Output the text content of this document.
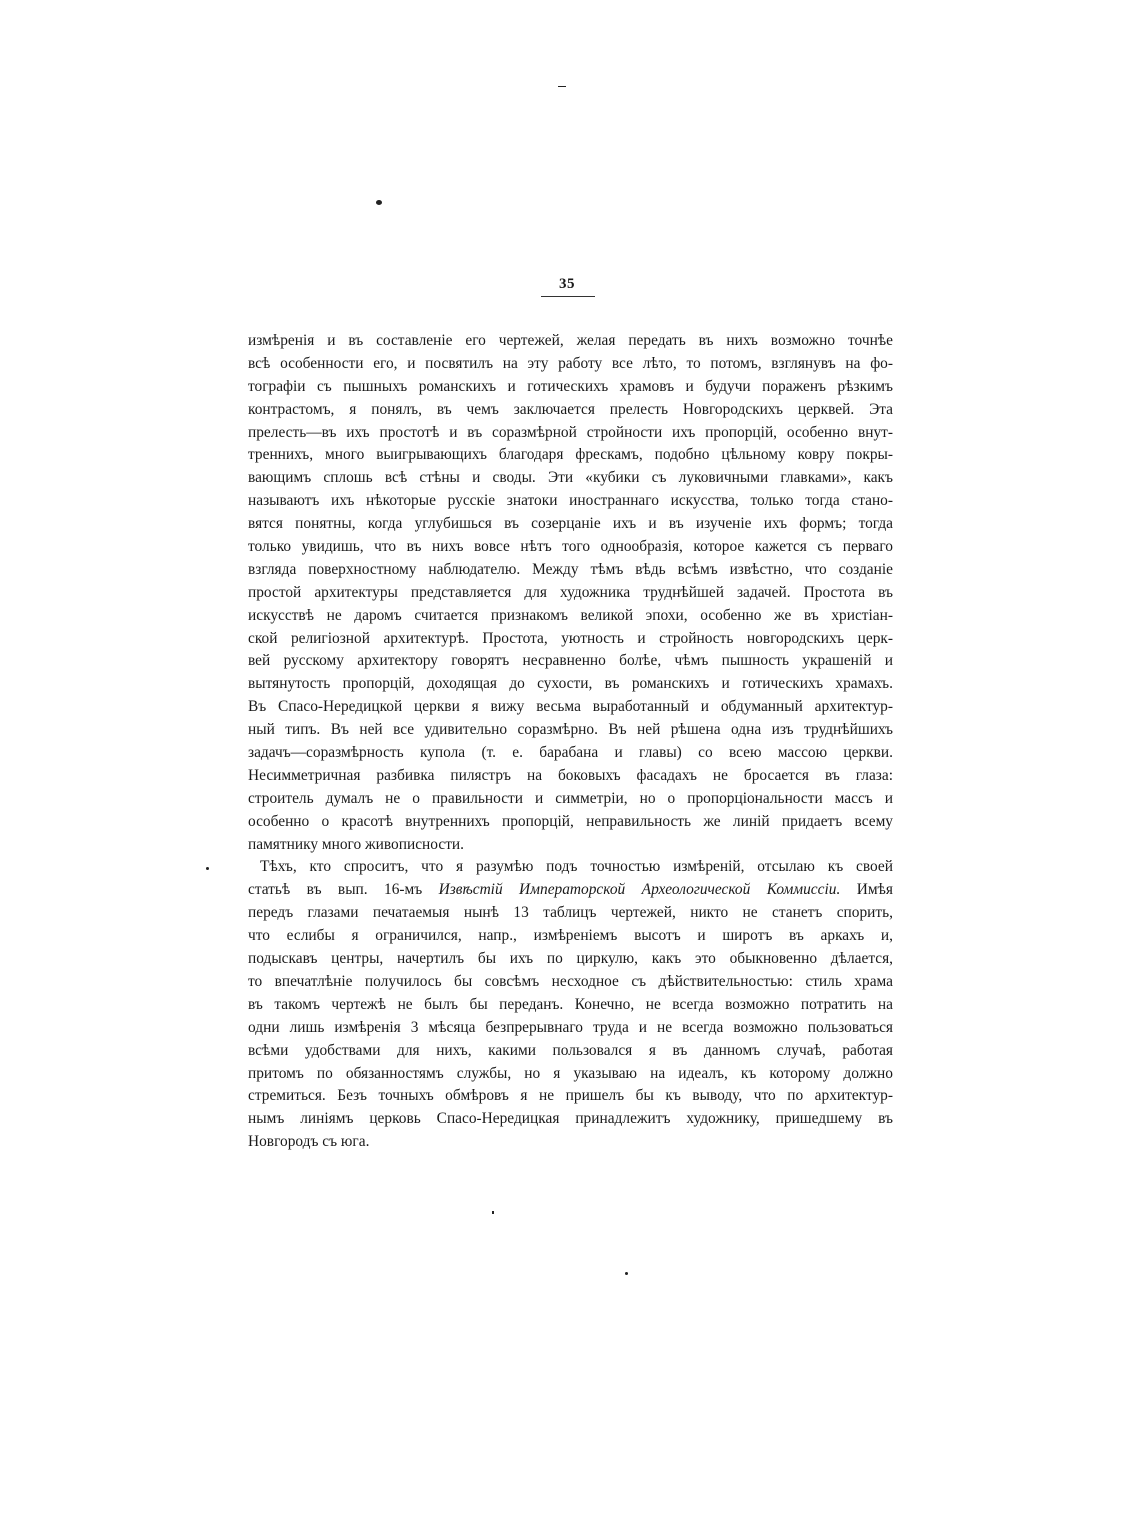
35
измѣренія и въ составленіе его чертежей, желая передать въ нихъ возможно точнѣе
всѣ особенности его, и посвятилъ на эту работу все лѣто, то потомъ, взглянувъ на фо-
тографіи съ пышныхъ романскихъ и готическихъ храмовъ и будучи пораженъ рѣзкимъ
контрастомъ, я понялъ, въ чемъ заключается прелесть Новгородскихъ церквей. Эта
прелесть—въ ихъ простотѣ и въ соразмѣрной стройности ихъ пропорцій, особенно внут-
треннихъ, много выигрывающихъ благодаря фрескамъ, подобно цѣльному ковру покры-
вающимъ сплошь всѣ стѣны и своды. Эти «кубики съ луковичными главками», какъ
называютъ ихъ нѣкоторые русскіе знатоки иностраннаго искусства, только тогда стано-
вятся понятны, когда углубишься въ созерцаніе ихъ и въ изученіе ихъ формъ; тогда
только увидишь, что въ нихъ вовсе нѣтъ того однообразія, которое кажется съ перваго
взгляда поверхностному наблюдателю. Между тѣмъ вѣдь всѣмъ извѣстно, что созданіе
простой архитектуры представляется для художника труднѣйшей задачей. Простота въ
искусствѣ не даромъ считается признакомъ великой эпохи, особенно же въ христіан-
ской религіозной архитектурѣ. Простота, уютность и стройность новгородскихъ церк-
вей русскому архитектору говорятъ несравненно болѣе, чѣмъ пышность украшеній и
вытянутость пропорцій, доходящая до сухости, въ романскихъ и готическихъ храмахъ.
Въ Спасо-Нередицкой церкви я вижу весьма выработанный и обдуманный архитектур-
ный типъ. Въ ней все удивительно соразмѣрно. Въ ней рѣшена одна изъ труднѣйшихъ
задачъ—соразмѣрность купола (т. е. барабана и главы) со всею массою церкви.
Несимметричная разбивка пилястръ на боковыхъ фасадахъ не бросается въ глаза:
строитель думалъ не о правильности и симметріи, но о пропорціональности массъ и
особенно о красотѣ внутреннихъ пропорцій, неправильность же линій придаетъ всему
памятнику много живописности.
Тѣхъ, кто спроситъ, что я разумѣю подъ точностью измѣреній, отсылаю къ своей
статьѣ въ вып. 16-мъ Извѣстій Императорской Археологической Коммиссіи. Имѣя
передъ глазами печатаемыя нынѣ 13 таблицъ чертежей, никто не станетъ спорить,
что еслибы я ограничился, напр., измѣреніемъ высотъ и широтъ въ аркахъ и,
подыскавъ центры, начертилъ бы ихъ по циркулю, какъ это обыкновенно дѣлается,
то впечатлѣніе получилось бы совсѣмъ несходное съ дѣйствительностью: стиль храма
въ такомъ чертежѣ не былъ бы переданъ. Конечно, не всегда возможно потратить на
одни лишь измѣренія 3 мѣсяца безпрерывнаго труда и не всегда возможно пользоваться
всѣми удобствами для нихъ, какими пользовался я въ данномъ случаѣ, работая
притомъ по обязанностямъ службы, но я указываю на идеалъ, къ которому должно
стремиться. Безъ точныхъ обмѣровъ я не пришелъ бы къ выводу, что по архитектур-
нымъ линіямъ церковь Спасо-Нередицкая принадлежитъ художнику, пришедшему въ
Новгородъ съ юга.
